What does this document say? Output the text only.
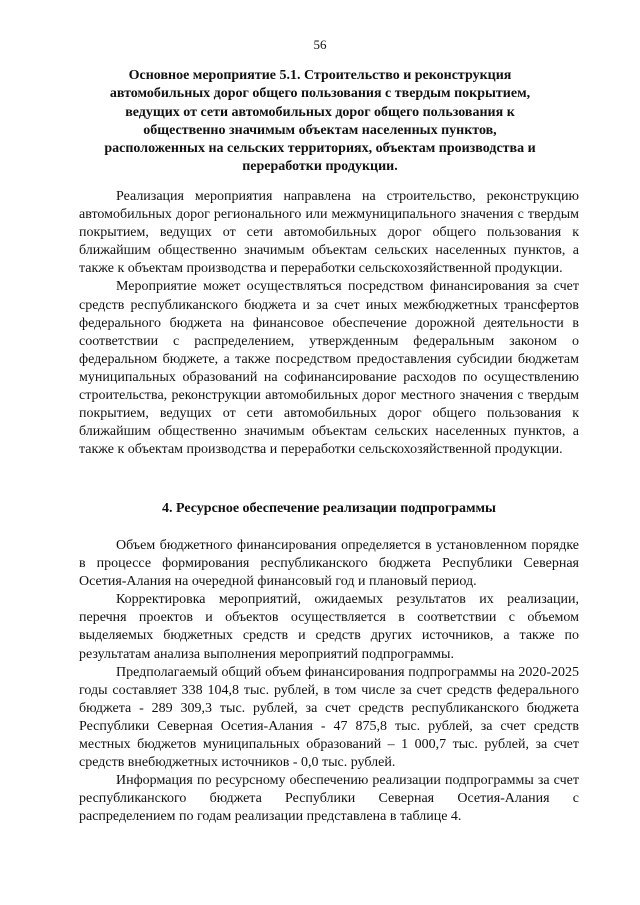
56
Основное мероприятие 5.1. Строительство и реконструкция автомобильных дорог общего пользования с твердым покрытием, ведущих от сети автомобильных дорог общего пользования к общественно значимым объектам населенных пунктов, расположенных на сельских территориях, объектам производства и переработки продукции.

Реализация мероприятия направлена на строительство, реконструкцию автомобильных дорог регионального или межмуниципального значения с твердым покрытием, ведущих от сети автомобильных дорог общего пользования к ближайшим общественно значимым объектам сельских населенных пунктов, а также к объектам производства и переработки сельскохозяйственной продукции.

Мероприятие может осуществляться посредством финансирования за счет средств республиканского бюджета и за счет иных межбюджетных трансфертов федерального бюджета на финансовое обеспечение дорожной деятельности в соответствии с распределением, утвержденным федеральным законом о федеральном бюджете, а также посредством предоставления субсидии бюджетам муниципальных образований на софинансирование расходов по осуществлению строительства, реконструкции автомобильных дорог местного значения с твердым покрытием, ведущих от сети автомобильных дорог общего пользования к ближайшим общественно значимым объектам сельских населенных пунктов, а также к объектам производства и переработки сельскохозяйственной продукции.

4. Ресурсное обеспечение реализации подпрограммы

Объем бюджетного финансирования определяется в установленном порядке в процессе формирования республиканского бюджета Республики Северная Осетия-Алания на очередной финансовый год и плановый период.

Корректировка мероприятий, ожидаемых результатов их реализации, перечня проектов и объектов осуществляется в соответствии с объемом выделяемых бюджетных средств и средств других источников, а также по результатам анализа выполнения мероприятий подпрограммы.

Предполагаемый общий объем финансирования подпрограммы на 2020-2025 годы составляет 338 104,8 тыс. рублей, в том числе за счет средств федерального бюджета - 289 309,3 тыс. рублей, за счет средств республиканского бюджета Республики Северная Осетия-Алания - 47 875,8 тыс. рублей, за счет средств местных бюджетов муниципальных образований – 1 000,7 тыс. рублей, за счет средств внебюджетных источников - 0,0 тыс. рублей.

Информация по ресурсному обеспечению реализации подпрограммы за счет республиканского бюджета Республики Северная Осетия-Алания с распределением по годам реализации представлена в таблице 4.
